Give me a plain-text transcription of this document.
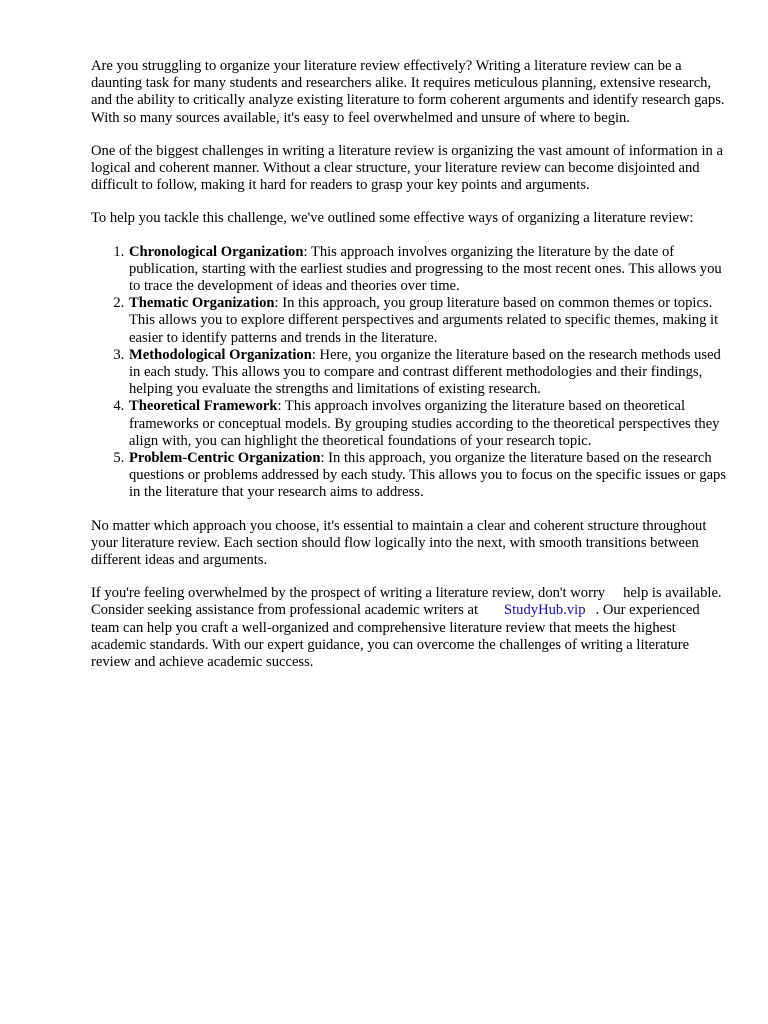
Are you struggling to organize your literature review effectively? Writing a literature review can be a daunting task for many students and researchers alike. It requires meticulous planning, extensive research, and the ability to critically analyze existing literature to form coherent arguments and identify research gaps. With so many sources available, it's easy to feel overwhelmed and unsure of where to begin.

One of the biggest challenges in writing a literature review is organizing the vast amount of information in a logical and coherent manner. Without a clear structure, your literature review can become disjointed and difficult to follow, making it hard for readers to grasp your key points and arguments.

To help you tackle this challenge, we've outlined some effective ways of organizing a literature review:

1. Chronological Organization: This approach involves organizing the literature by the date of publication, starting with the earliest studies and progressing to the most recent ones. This allows you to trace the development of ideas and theories over time.
2. Thematic Organization: In this approach, you group literature based on common themes or topics. This allows you to explore different perspectives and arguments related to specific themes, making it easier to identify patterns and trends in the literature.
3. Methodological Organization: Here, you organize the literature based on the research methods used in each study. This allows you to compare and contrast different methodologies and their findings, helping you evaluate the strengths and limitations of existing research.
4. Theoretical Framework: This approach involves organizing the literature based on theoretical frameworks or conceptual models. By grouping studies according to the theoretical perspectives they align with, you can highlight the theoretical foundations of your research topic.
5. Problem-Centric Organization: In this approach, you organize the literature based on the research questions or problems addressed by each study. This allows you to focus on the specific issues or gaps in the literature that your research aims to address.

No matter which approach you choose, it's essential to maintain a clear and coherent structure throughout your literature review. Each section should flow logically into the next, with smooth transitions between different ideas and arguments.

If you're feeling overwhelmed by the prospect of writing a literature review, don't worry help is available. Consider seeking assistance from professional academic writers at StudyHub.vip . Our experienced team can help you craft a well-organized and comprehensive literature review that meets the highest academic standards. With our expert guidance, you can overcome the challenges of writing a literature review and achieve academic success.
